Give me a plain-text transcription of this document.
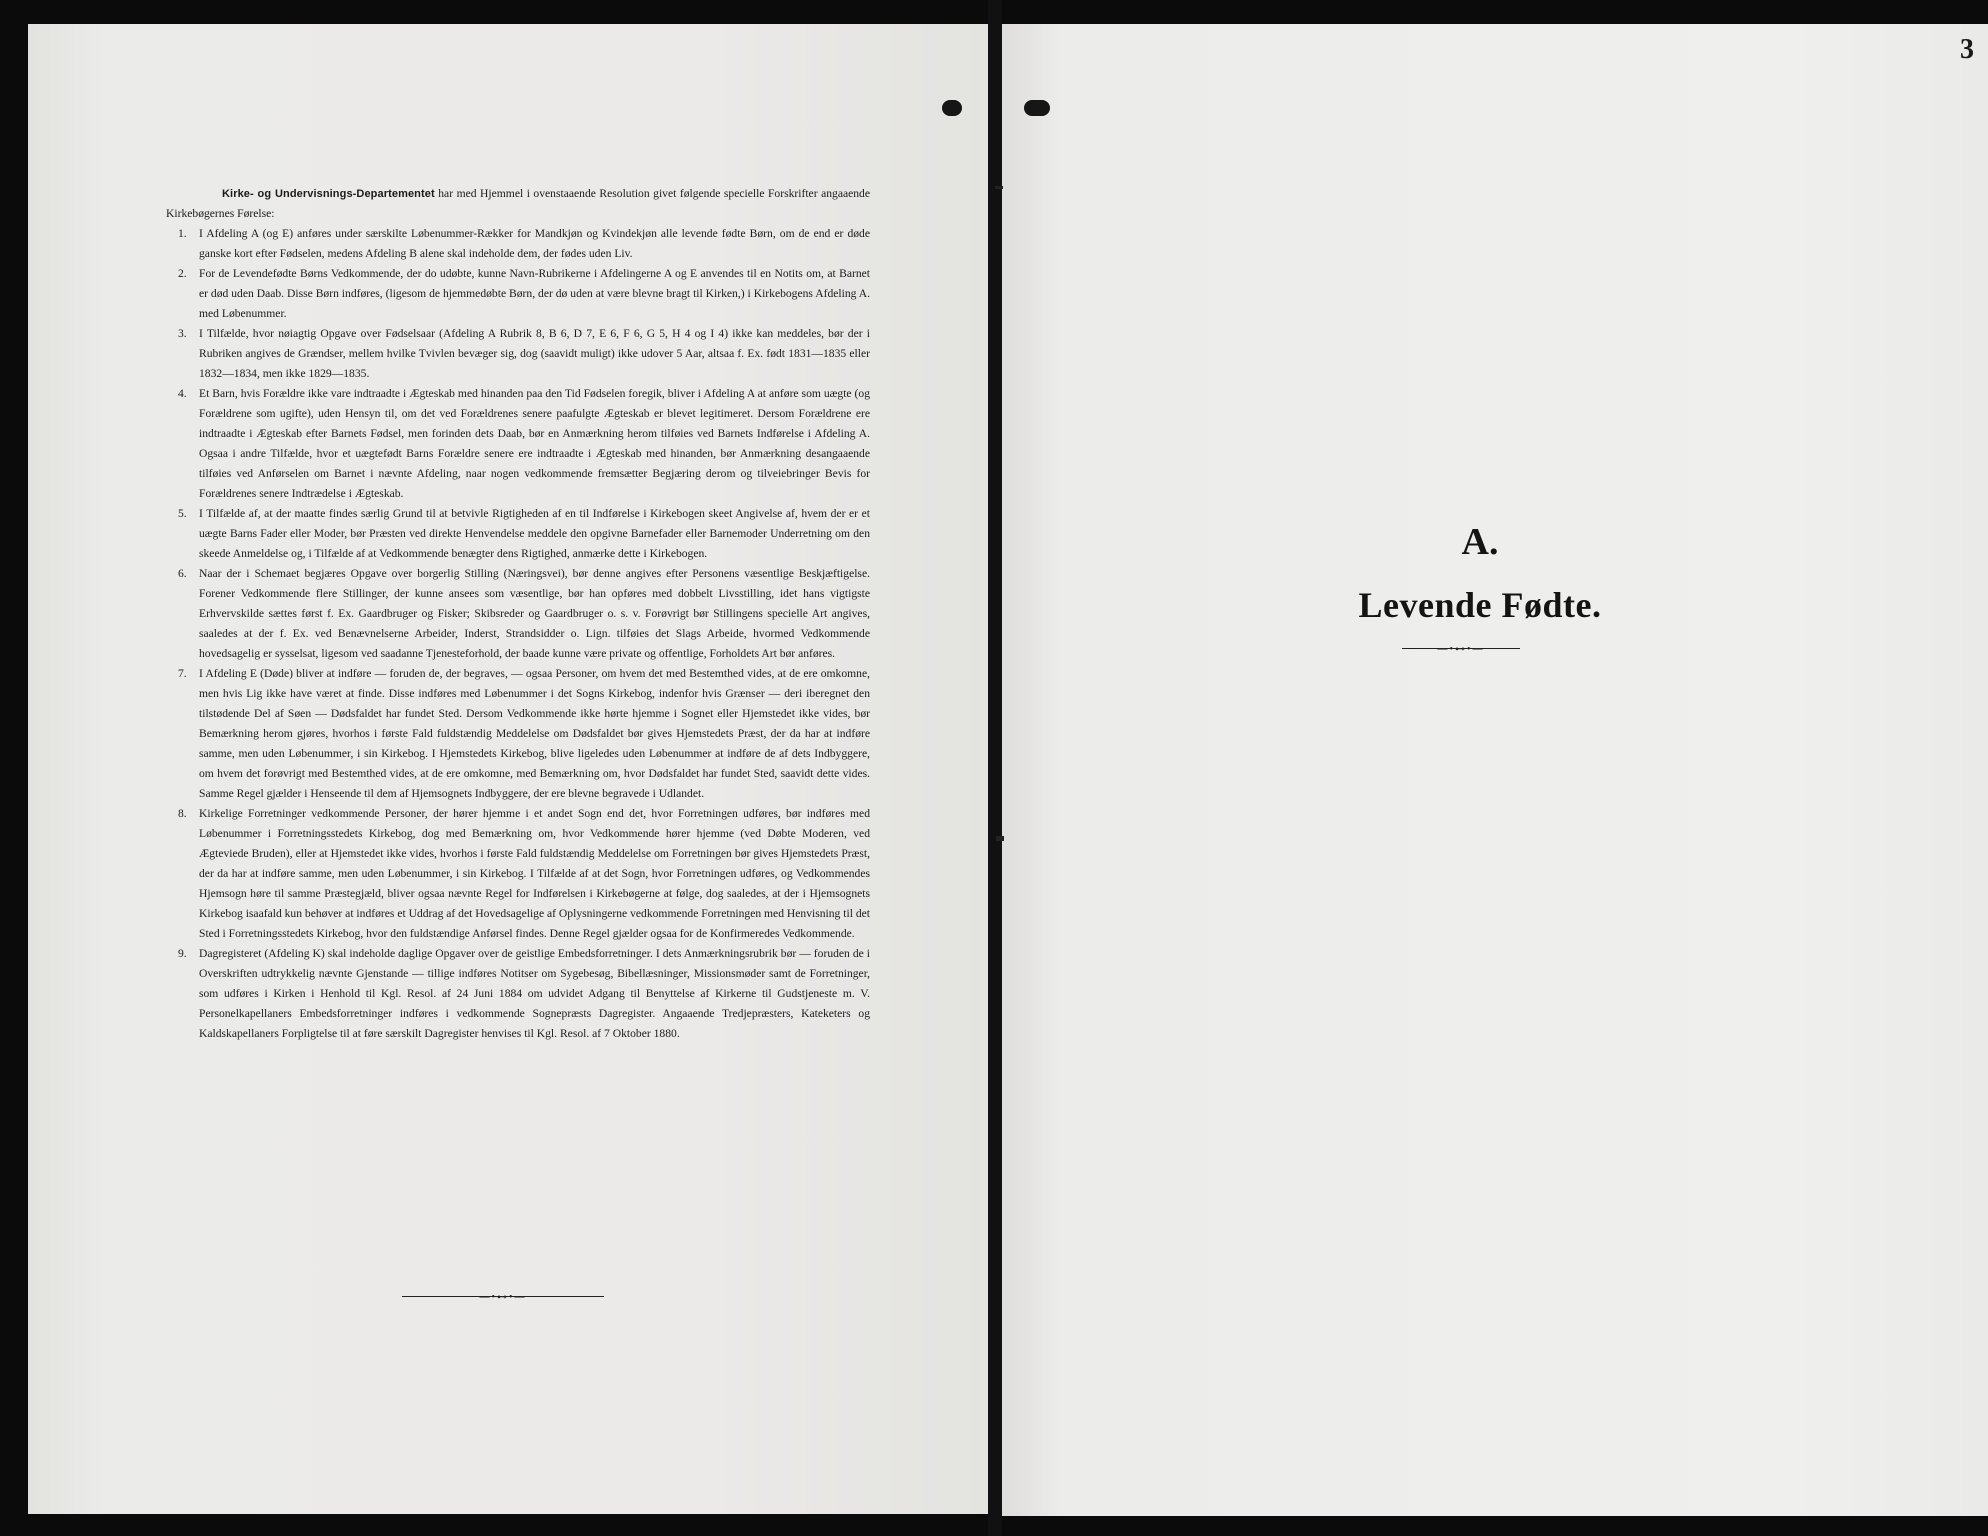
3

Kirke- og Undervisnings-Departementet har med Hjemmel i ovenstaaende Resolution givet følgende specielle Forskrifter angaaende Kirkebøgernes Førelse:

1. I Afdeling A (og E) anføres under særskilte Løbenummer-Rækker for Mandkjøn og Kvindekjøn alle levende fødte Børn, om de end er døde ganske kort efter Fødselen, medens Afdeling B alene skal indeholde dem, der fødes uden Liv.
2. For de Levendefødte Børns Vedkommende, der do udøbte, kunne Navn-Rubrikerne i Afdelingerne A og E anvendes til en Notits om, at Barnet er død uden Daab. Disse Børn indføres, (ligesom de hjemmedøbte Børn, der dø uden at være blevne bragt til Kirken,) i Kirkebogens Afdeling A. med Løbenummer.
3. I Tilfælde, hvor nøiagtig Opgave over Fødselsaar (Afdeling A Rubrik 8, B 6, D 7, E 6, F 6, G 5, H 4 og I 4) ikke kan meddeles, bør der i Rubriken angives de Grændser, mellem hvilke Tvivlen bevæger sig, dog (saavidt muligt) ikke udover 5 Aar, altsaa f. Ex. født 1831—1835 eller 1832—1834, men ikke 1829—1835.
4. Et Barn, hvis Forældre ikke vare indtraadte i Ægteskab med hinanden paa den Tid Fødselen foregik, bliver i Afdeling A at anføre som uægte (og Forældrene som ugifte), uden Hensyn til, om det ved Forældrenes senere paafulgte Ægteskab er blevet legitimeret. Dersom Forældrene ere indtraadte i Ægteskab efter Barnets Fødsel, men forinden dets Daab, bør en Anmærkning herom tilføies ved Barnets Indførelse i Afdeling A. Ogsaa i andre Tilfælde, hvor et uægtefødt Barns Forældre senere ere indtraadte i Ægteskab med hinanden, bør Anmærkning desangaaende tilføies ved Anførselen om Barnet i nævnte Afdeling, naar nogen vedkommende fremsætter Begjæring derom og tilveiebringer Bevis for Forældrenes senere Indtrædelse i Ægteskab.
5. I Tilfælde af, at der maatte findes særlig Grund til at betvivle Rigtigheden af en til Indførelse i Kirkebogen skeet Angivelse af, hvem der er et uægte Barns Fader eller Moder, bør Præsten ved direkte Henvendelse meddele den opgivne Barnefader eller Barnemoder Underretning om den skeede Anmeldelse og, i Tilfælde af at Vedkommende benægter dens Rigtighed, anmærke dette i Kirkebogen.
6. Naar der i Schemaet begjæres Opgave over borgerlig Stilling (Næringsvei), bør denne angives efter Personens væsentlige Beskjæftigelse. Forener Vedkommende flere Stillinger, der kunne ansees som væsentlige, bør han opføres med dobbelt Livsstilling, idet hans vigtigste Erhvervskilde sættes først f. Ex. Gaardbruger og Fisker; Skibsreder og Gaardbruger o. s. v. Forøvrigt bør Stillingens specielle Art angives, saaledes at der f. Ex. ved Benævnelserne Arbeider, Inderst, Strandsidder o. Lign. tilføies det Slags Arbeide, hvormed Vedkommende hovedsagelig er sysselsat, ligesom ved saadanne Tjenesteforhold, der baade kunne være private og offentlige, Forholdets Art bør anføres.
7. I Afdeling E (Døde) bliver at indføre — foruden de, der begraves, — ogsaa Personer, om hvem det med Bestemthed vides, at de ere omkomne, men hvis Lig ikke have været at finde. Disse indføres med Løbenummer i det Sogns Kirkebog, indenfor hvis Grænser — deri iberegnet den tilstødende Del af Søen — Dødsfaldet har fundet Sted. Dersom Vedkommende ikke hørte hjemme i Sognet eller Hjemstedet ikke vides, bør Bemærkning herom gjøres, hvorhos i første Fald fuldstændig Meddelelse om Dødsfaldet bør gives Hjemstedets Præst, der da har at indføre samme, men uden Løbenummer, i sin Kirkebog. I Hjemstedets Kirkebog, blive ligeledes uden Løbenummer at indføre de af dets Indbyggere, om hvem det forøvrigt med Bestemthed vides, at de ere omkomne, med Bemærkning om, hvor Dødsfaldet har fundet Sted, saavidt dette vides. Samme Regel gjælder i Henseende til dem af Hjemsognets Indbyggere, der ere blevne begravede i Udlandet.
8. Kirkelige Forretninger vedkommende Personer, der hører hjemme i et andet Sogn end det, hvor Forretningen udføres, bør indføres med Løbenummer i Forretningsstedets Kirkebog, dog med Bemærkning om, hvor Vedkommende hører hjemme (ved Døbte Moderen, ved Ægteviede Bruden), eller at Hjemstedet ikke vides, hvorhos i første Fald fuldstændig Meddelelse om Forretningen bør gives Hjemstedets Præst, der da har at indføre samme, men uden Løbenummer, i sin Kirkebog. I Tilfælde af at det Sogn, hvor Forretningen udføres, og Vedkommendes Hjemsogn høre til samme Præstegjæld, bliver ogsaa nævnte Regel for Indførelsen i Kirkebøgerne at følge, dog saaledes, at der i Hjemsognets Kirkebog isaafald kun behøver at indføres et Uddrag af det Hovedsagelige af Oplysningerne vedkommende Forretningen med Henvisning til det Sted i Forretningsstedets Kirkebog, hvor den fuldstændige Anførsel findes. Denne Regel gjælder ogsaa for de Konfirmeredes Vedkommende.
9. Dagregisteret (Afdeling K) skal indeholde daglige Opgaver over de geistlige Embedsforretninger. I dets Anmærkningsrubrik bør — foruden de i Overskriften udtrykkelig nævnte Gjenstande — tillige indføres Notitser om Sygebesøg, Bibellæsninger, Missionsmøder samt de Forretninger, som udføres i Kirken i Henhold til Kgl. Resol. af 24 Juni 1884 om udvidet Adgang til Benyttelse af Kirkerne til Gudstjeneste m. V. Personelkapellaners Embedsforretninger indføres i vedkommende Sognepræsts Dagregister. Angaaende Tredjepræsters, Kateketers og Kaldskapellaners Forpligtelse til at føre særskilt Dagregister henvises til Kgl. Resol. af 7 Oktober 1880.
—•⊷•—
A.
Levende Fødte.
—•⊷•—
